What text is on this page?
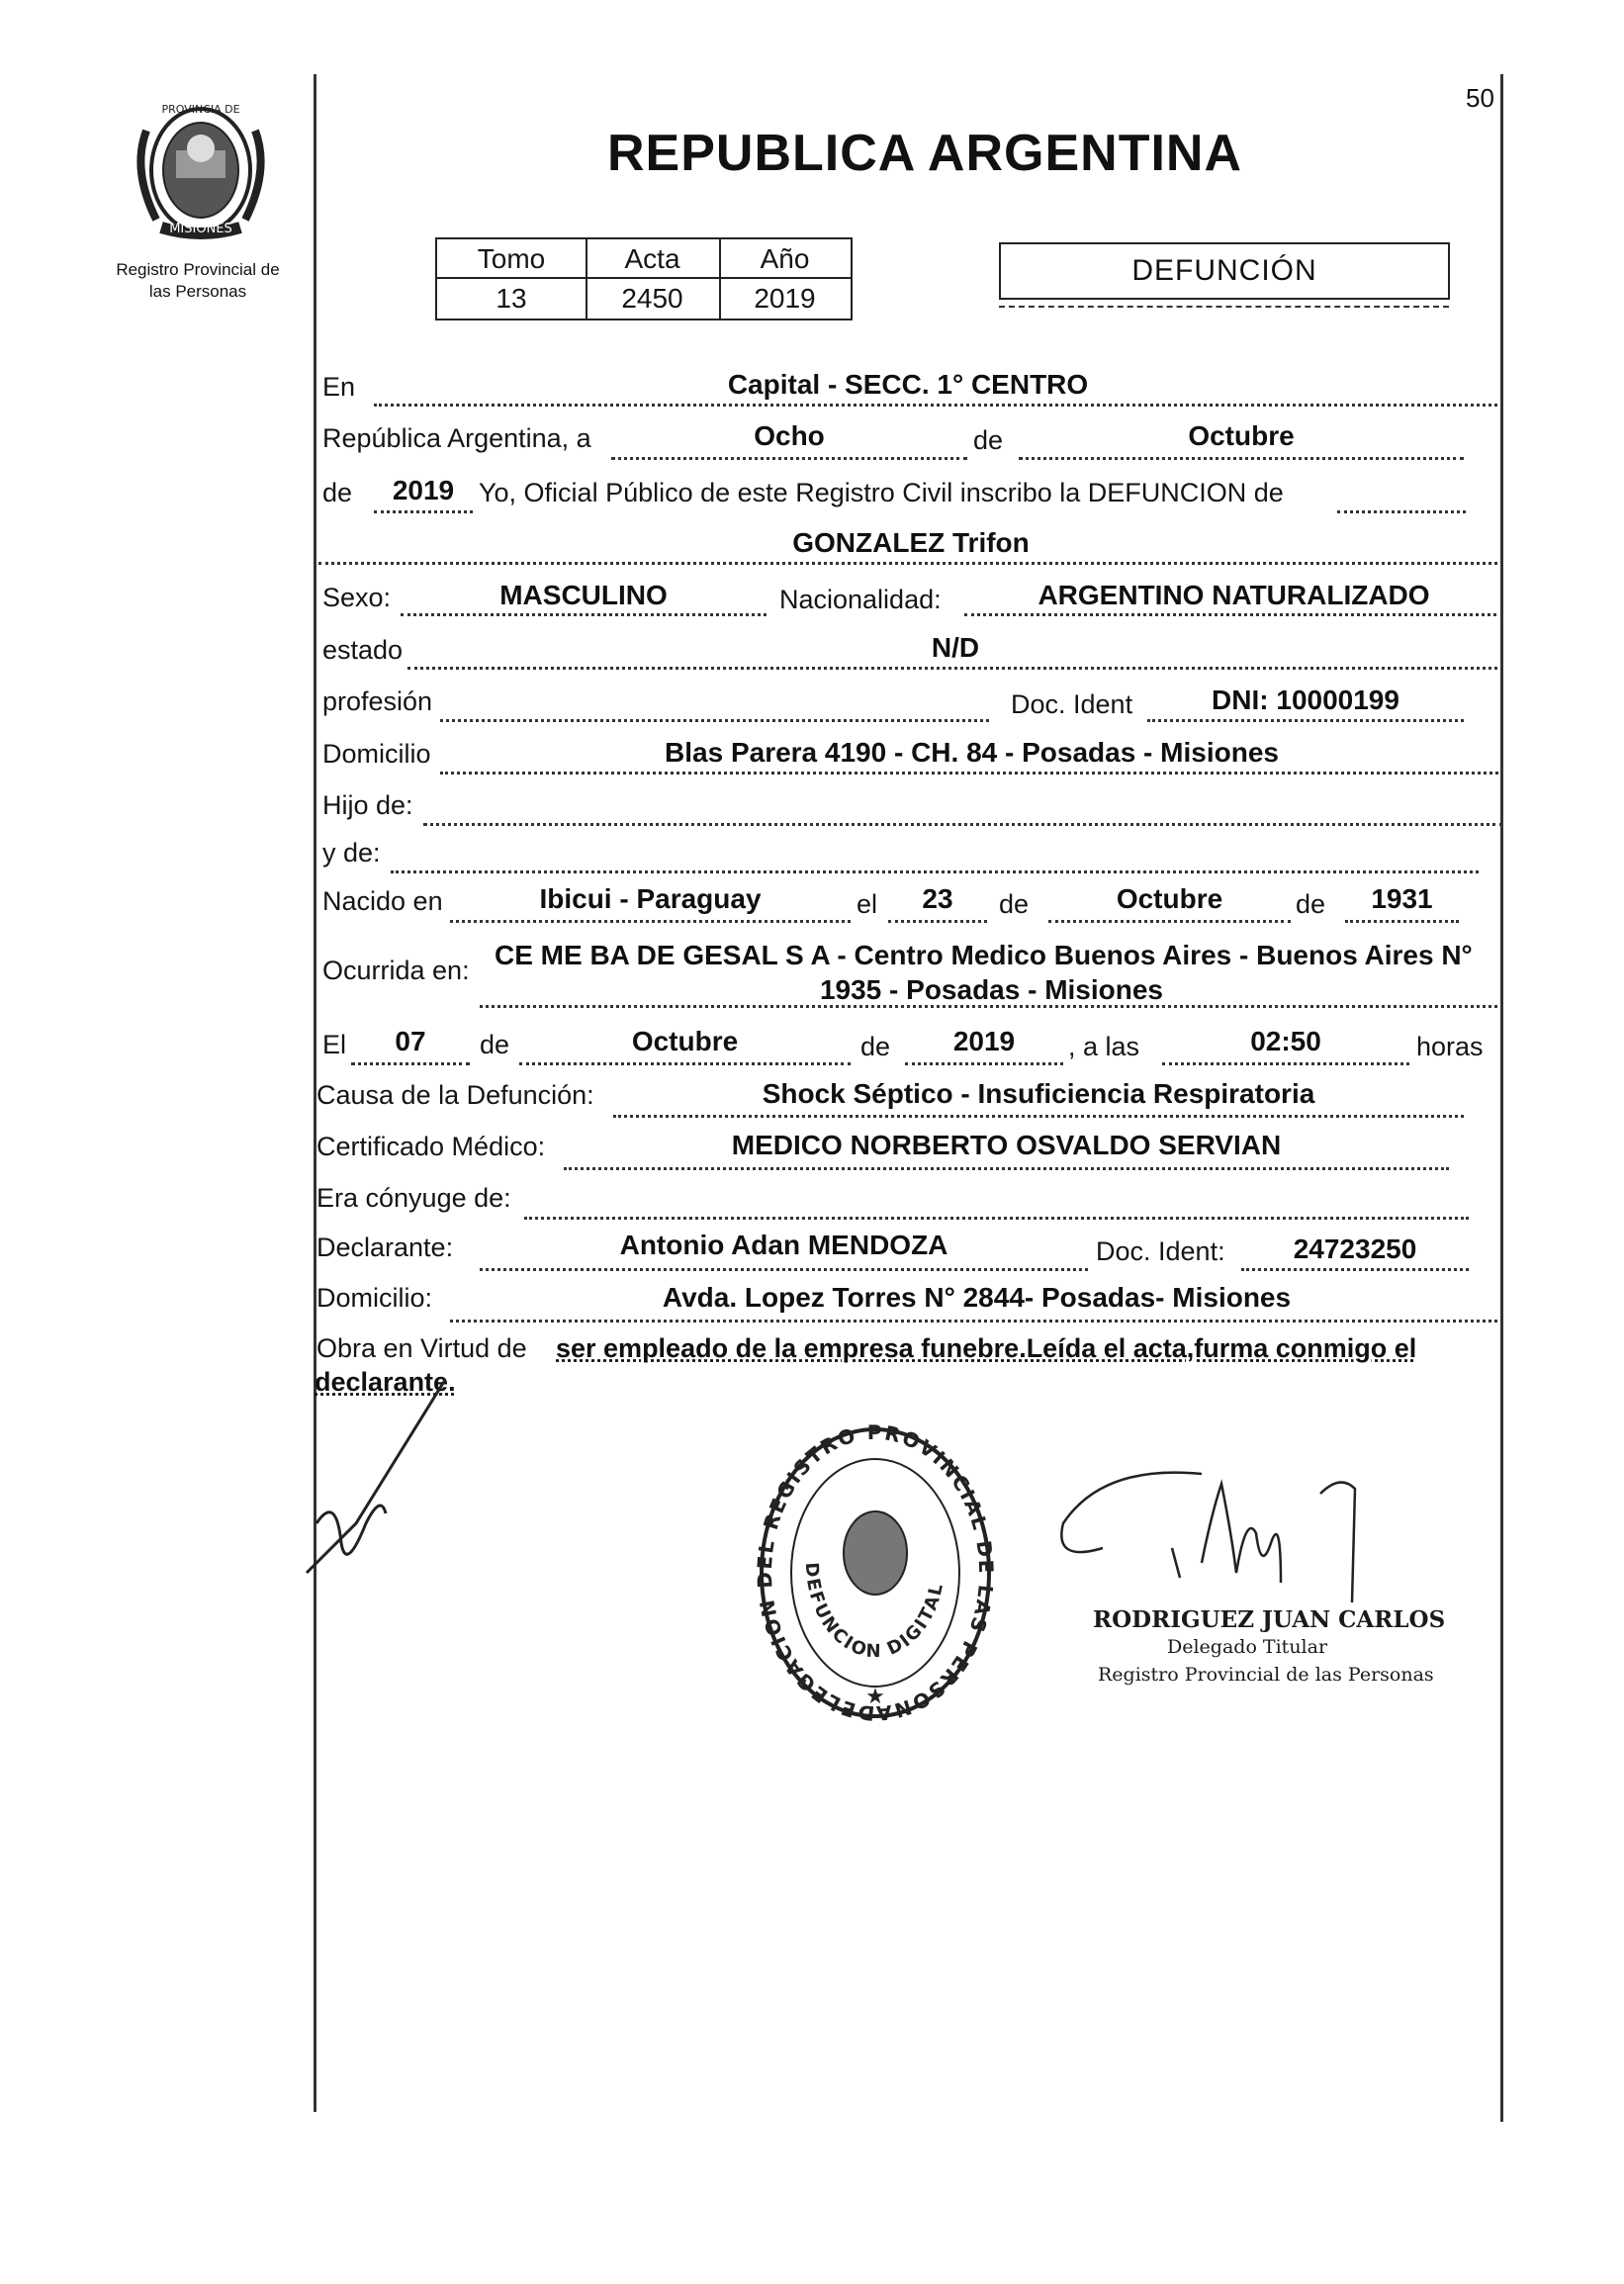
50
MISIONES
PROVINCIA DE
Registro Provincial de
las Personas
REPUBLICA ARGENTINA
Tomo	Acta	Año
13	2450	2019
DEFUNCIÓN
En	Capital - SECC. 1° CENTRO
República Argentina, a	Ocho	de	Octubre
de	2019 Yo, Oficial Público de este Registro Civil inscribo la DEFUNCION de
GONZALEZ Trifon
Sexo:	MASCULINO	Nacionalidad:	ARGENTINO NATURALIZADO
estado	N/D
profesión	Doc. Ident	DNI: 10000199
Domicilio	Blas Parera 4190 - CH. 84 - Posadas - Misiones
Hijo de:
y de:
Nacido en	Ibicui - Paraguay	el	23	de	Octubre	de	1931
Ocurrida en: CE ME BA DE GESAL S A - Centro Medico Buenos Aires - Buenos Aires N°
1935 - Posadas - Misiones
El	07	de	Octubre	de	2019	, a las	02:50	horas
Causa de la Defunción:	Shock Séptico - Insuficiencia Respiratoria
Certificado Médico:	MEDICO NORBERTO OSVALDO SERVIAN
Era cónyuge de:
Declarante:	Antonio Adan MENDOZA	Doc. Ident:	24723250
Domicilio:	Avda. Lopez Torres N° 2844- Posadas- Misiones
Obra en Virtud de ser empleado de la empresa funebre.Leída el acta,furma conmigo el
declarante.
DELEGACION DEL REGISTRO PROVINCIAL DE LAS PERSONA
DEFUNCION DIGITAL
★
RODRIGUEZ JUAN CARLOS
Delegado Titular
Registro Provincial de las Personas
